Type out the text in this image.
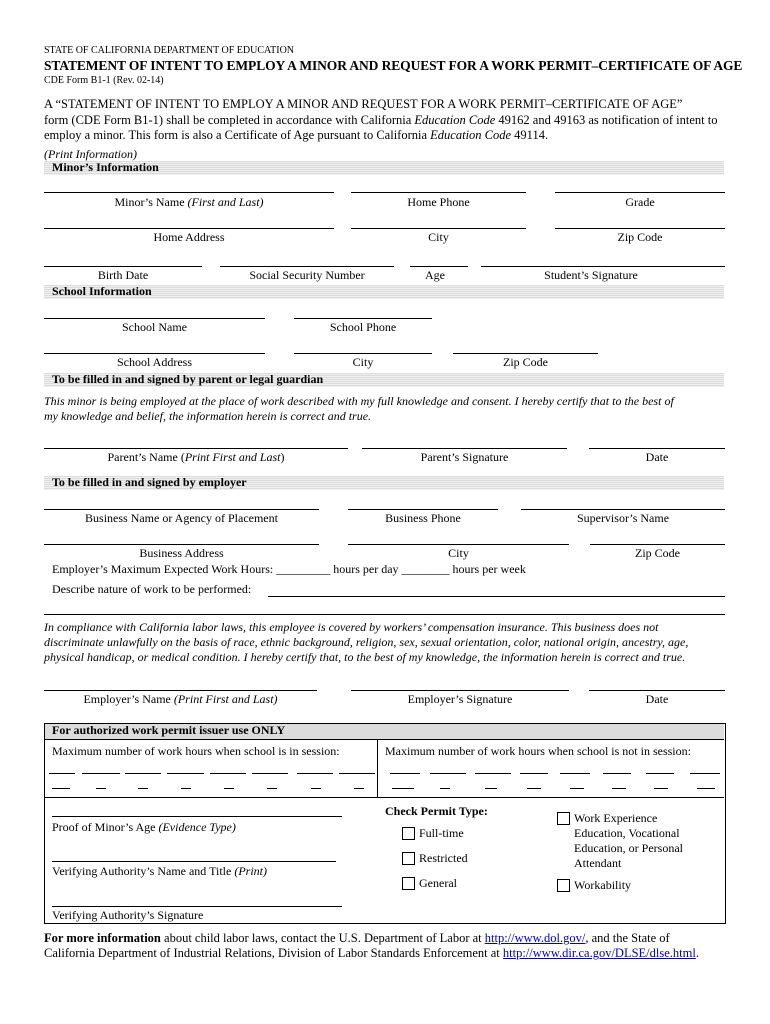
STATE OF CALIFORNIA DEPARTMENT OF EDUCATION
STATEMENT OF INTENT TO EMPLOY A MINOR AND REQUEST FOR A WORK PERMIT–CERTIFICATE OF AGE
CDE Form B1-1 (Rev. 02-14)
A “STATEMENT OF INTENT TO EMPLOY A MINOR AND REQUEST FOR A WORK PERMIT–CERTIFICATE OF AGE”
form (CDE Form B1-1) shall be completed in accordance with California Education Code 49162 and 49163 as notification of intent to
employ a minor. This form is also a Certificate of Age pursuant to California Education Code 49114.
(Print Information)
Minor’s Information
Minor’s Name (First and Last)	Home Phone	Grade
Home Address	City	Zip Code
Birth Date	Social Security Number	Age	Student’s Signature
School Information
School Name	School Phone
School Address	City	Zip Code
To be filled in and signed by parent or legal guardian
This minor is being employed at the place of work described with my full knowledge and consent. I hereby certify that to the best of
my knowledge and belief, the information herein is correct and true.
Parent’s Name (Print First and Last)	Parent’s Signature	Date
To be filled in and signed by employer
Business Name or Agency of Placement	Business Phone	Supervisor’s Name
Business Address	City	Zip Code
Employer’s Maximum Expected Work Hours: _________ hours per day ________ hours per week
Describe nature of work to be performed:
In compliance with California labor laws, this employee is covered by workers’ compensation insurance. This business does not
discriminate unlawfully on the basis of race, ethnic background, religion, sex, sexual orientation, color, national origin, ancestry, age,
physical handicap, or medical condition. I hereby certify that, to the best of my knowledge, the information herein is correct and true.
Employer’s Name (Print First and Last)	Employer’s Signature	Date
For authorized work permit issuer use ONLY
Maximum number of work hours when school is in session:	Maximum number of work hours when school is not in session:
Proof of Minor’s Age (Evidence Type)
Verifying Authority’s Name and Title (Print)
Verifying Authority’s Signature
Check Permit Type:
Full-time
Restricted
General
Work Experience
Education, Vocational
Education, or Personal
Attendant
Workability
For more information about child labor laws, contact the U.S. Department of Labor at http://www.dol.gov/, and the State of
California Department of Industrial Relations, Division of Labor Standards Enforcement at http://www.dir.ca.gov/DLSE/dlse.html.
